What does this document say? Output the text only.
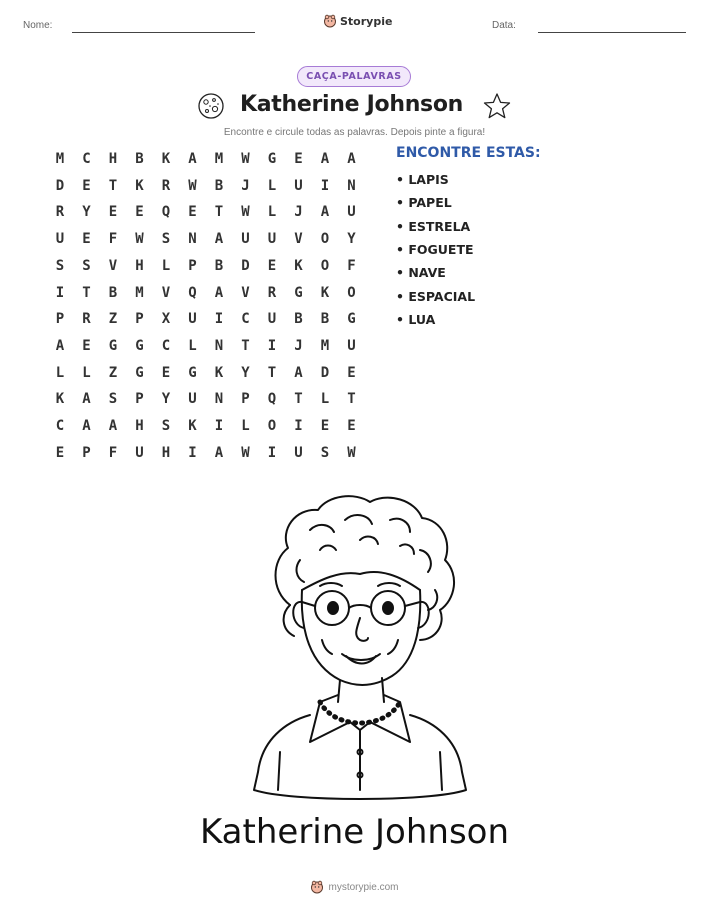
Nome:	Storypie	Data:
CAÇA-PALAVRAS
Katherine Johnson
Encontre e circule todas as palavras. Depois pinte a figura!
M	C	H	B	K	A	M	W	G	E	A	A
D	E	T	K	R	W	B	J	L	U	I	N
R	Y	E	E	Q	E	T	W	L	J	A	U
U	E	F	W	S	N	A	U	U	V	O	Y
S	S	V	H	L	P	B	D	E	K	O	F
I	T	B	M	V	Q	A	V	R	G	K	O
P	R	Z	P	X	U	I	C	U	B	B	G
A	E	G	G	C	L	N	T	I	J	M	U
L	L	Z	G	E	G	K	Y	T	A	D	E
K	A	S	P	Y	U	N	P	Q	T	L	T
C	A	A	H	S	K	I	L	O	I	E	E
E	P	F	U	H	I	A	W	I	U	S	W
ENCONTRE ESTAS:
• LAPIS
• PAPEL
• ESTRELA
• FOGUETE
• NAVE
• ESPACIAL
• LUA
Katherine Johnson
mystorypie.com
